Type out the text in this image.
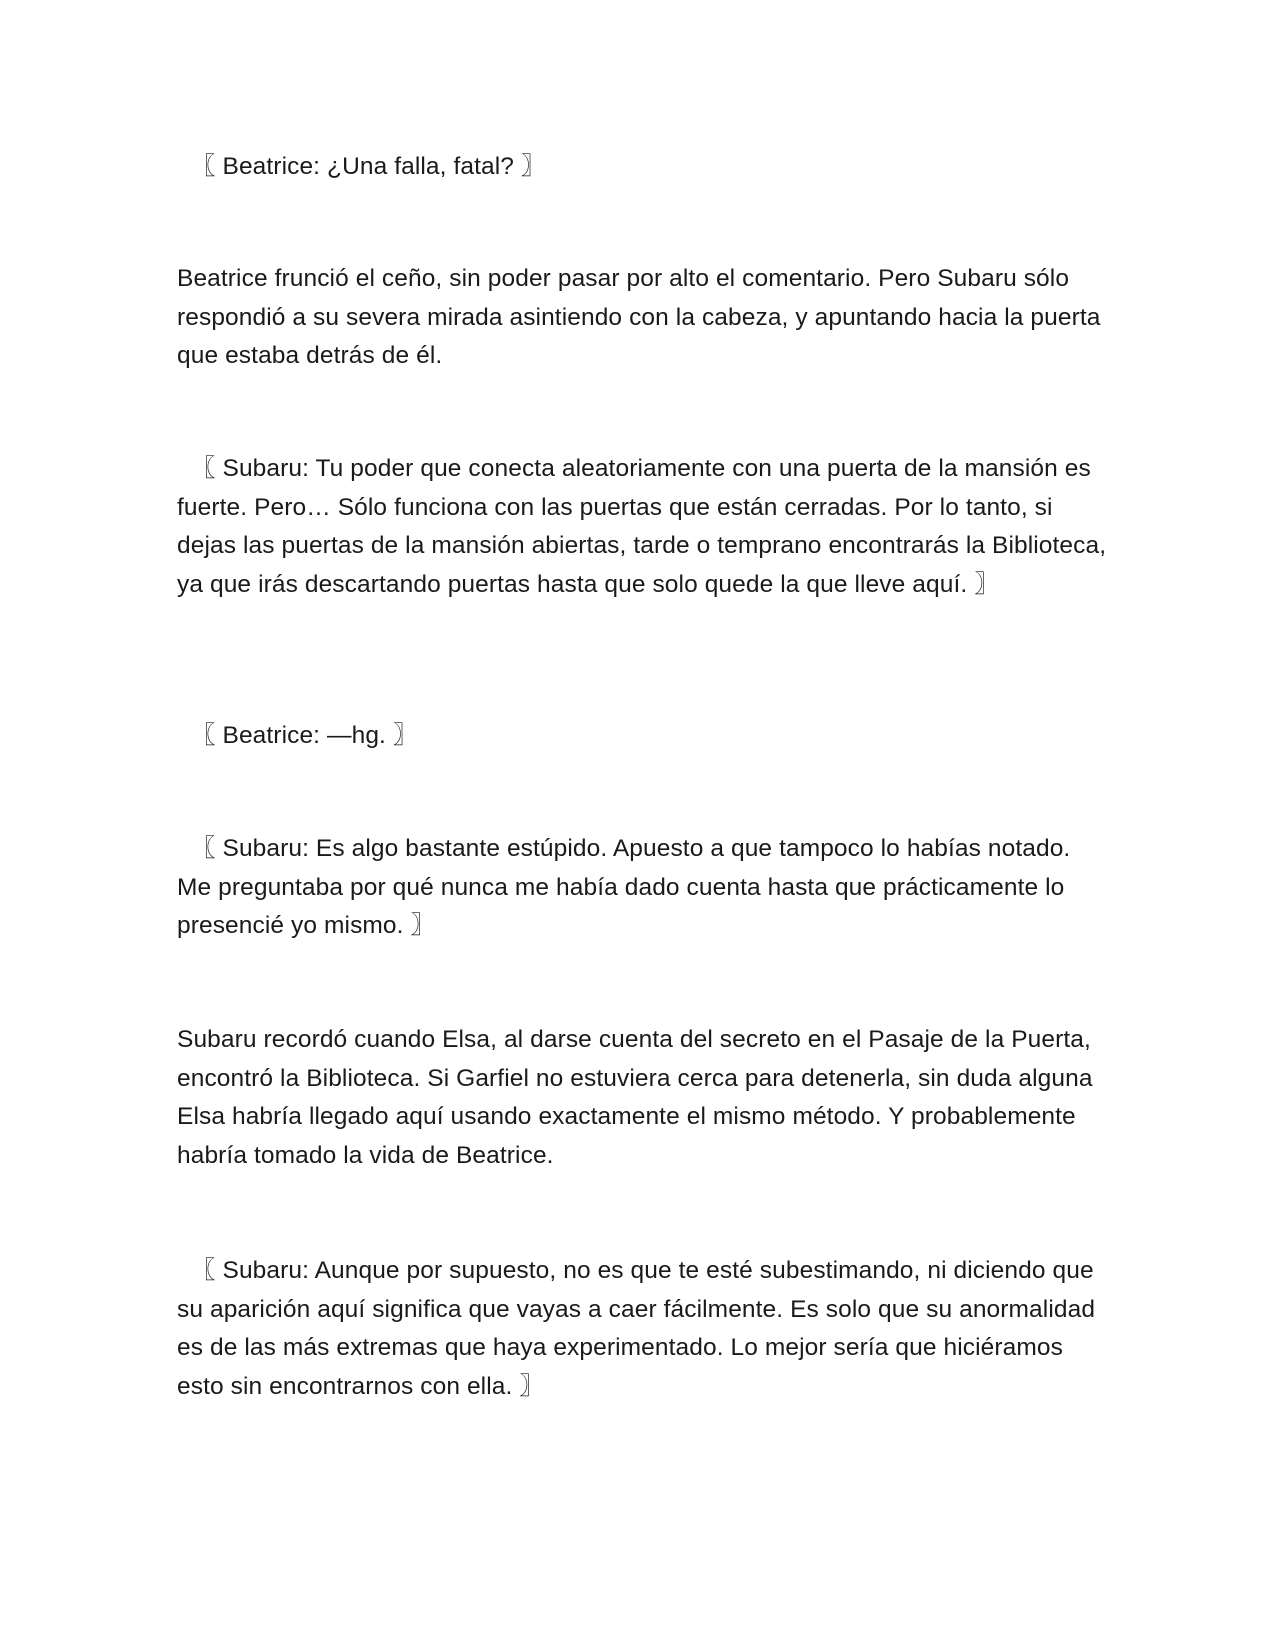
〖 Beatrice: ¿Una falla, fatal? 〗

Beatrice frunció el ceño, sin poder pasar por alto el comentario. Pero Subaru sólo respondió a su severa mirada asintiendo con la cabeza, y apuntando hacia la puerta que estaba detrás de él.

〖 Subaru: Tu poder que conecta aleatoriamente con una puerta de la mansión es fuerte. Pero… Sólo funciona con las puertas que están cerradas. Por lo tanto, si dejas las puertas de la mansión abiertas, tarde o temprano encontrarás la Biblioteca, ya que irás descartando puertas hasta que solo quede la que lleve aquí. 〗

〖 Beatrice: —hg. 〗

〖 Subaru: Es algo bastante estúpido. Apuesto a que tampoco lo habías notado. Me preguntaba por qué nunca me había dado cuenta hasta que prácticamente lo presencié yo mismo. 〗

Subaru recordó cuando Elsa, al darse cuenta del secreto en el Pasaje de la Puerta, encontró la Biblioteca. Si Garfiel no estuviera cerca para detenerla, sin duda alguna Elsa habría llegado aquí usando exactamente el mismo método. Y probablemente habría tomado la vida de Beatrice.

〖 Subaru: Aunque por supuesto, no es que te esté subestimando, ni diciendo que su aparición aquí significa que vayas a caer fácilmente. Es solo que su anormalidad es de las más extremas que haya experimentado. Lo mejor sería que hiciéramos esto sin encontrarnos con ella. 〗
